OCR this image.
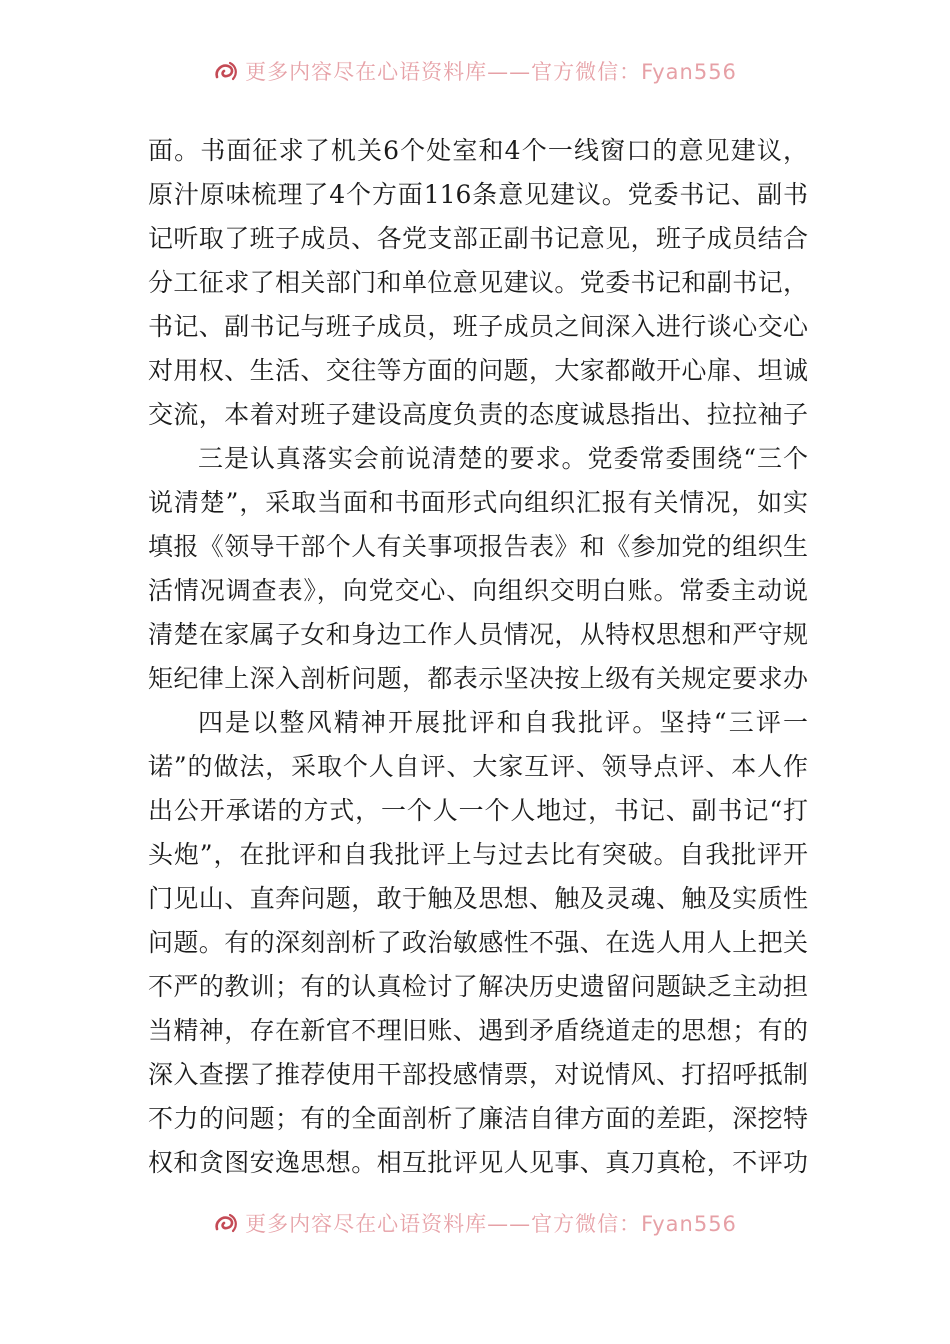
更多内容尽在心语资料库——官方微信：Fyan556
面。书面征求了机关6个处室和4个一线窗口的意见建议，
原汁原味梳理了4个方面116条意见建议。党委书记、副书
记听取了班子成员、各党支部正副书记意见，班子成员结合
分工征求了相关部门和单位意见建议。党委书记和副书记，
书记、副书记与班子成员，班子成员之间深入进行谈心交心
对用权、生活、交往等方面的问题，大家都敞开心扉、坦诚
交流，本着对班子建设高度负责的态度诚恳指出、拉拉袖子
三是认真落实会前说清楚的要求。党委常委围绕“三个
说清楚”，采取当面和书面形式向组织汇报有关情况，如实
填报《领导干部个人有关事项报告表》和《参加党的组织生
活情况调查表》，向党交心、向组织交明白账。常委主动说
清楚在家属子女和身边工作人员情况，从特权思想和严守规
矩纪律上深入剖析问题，都表示坚决按上级有关规定要求办
四是以整风精神开展批评和自我批评。坚持“三评一
诺”的做法，采取个人自评、大家互评、领导点评、本人作
出公开承诺的方式，一个人一个人地过，书记、副书记“打
头炮”，在批评和自我批评上与过去比有突破。自我批评开
门见山、直奔问题，敢于触及思想、触及灵魂、触及实质性
问题。有的深刻剖析了政治敏感性不强、在选人用人上把关
不严的教训；有的认真检讨了解决历史遗留问题缺乏主动担
当精神，存在新官不理旧账、遇到矛盾绕道走的思想；有的
深入查摆了推荐使用干部投感情票，对说情风、打招呼抵制
不力的问题；有的全面剖析了廉洁自律方面的差距，深挖特
权和贪图安逸思想。相互批评见人见事、真刀真枪，不评功
更多内容尽在心语资料库——官方微信：Fyan556
